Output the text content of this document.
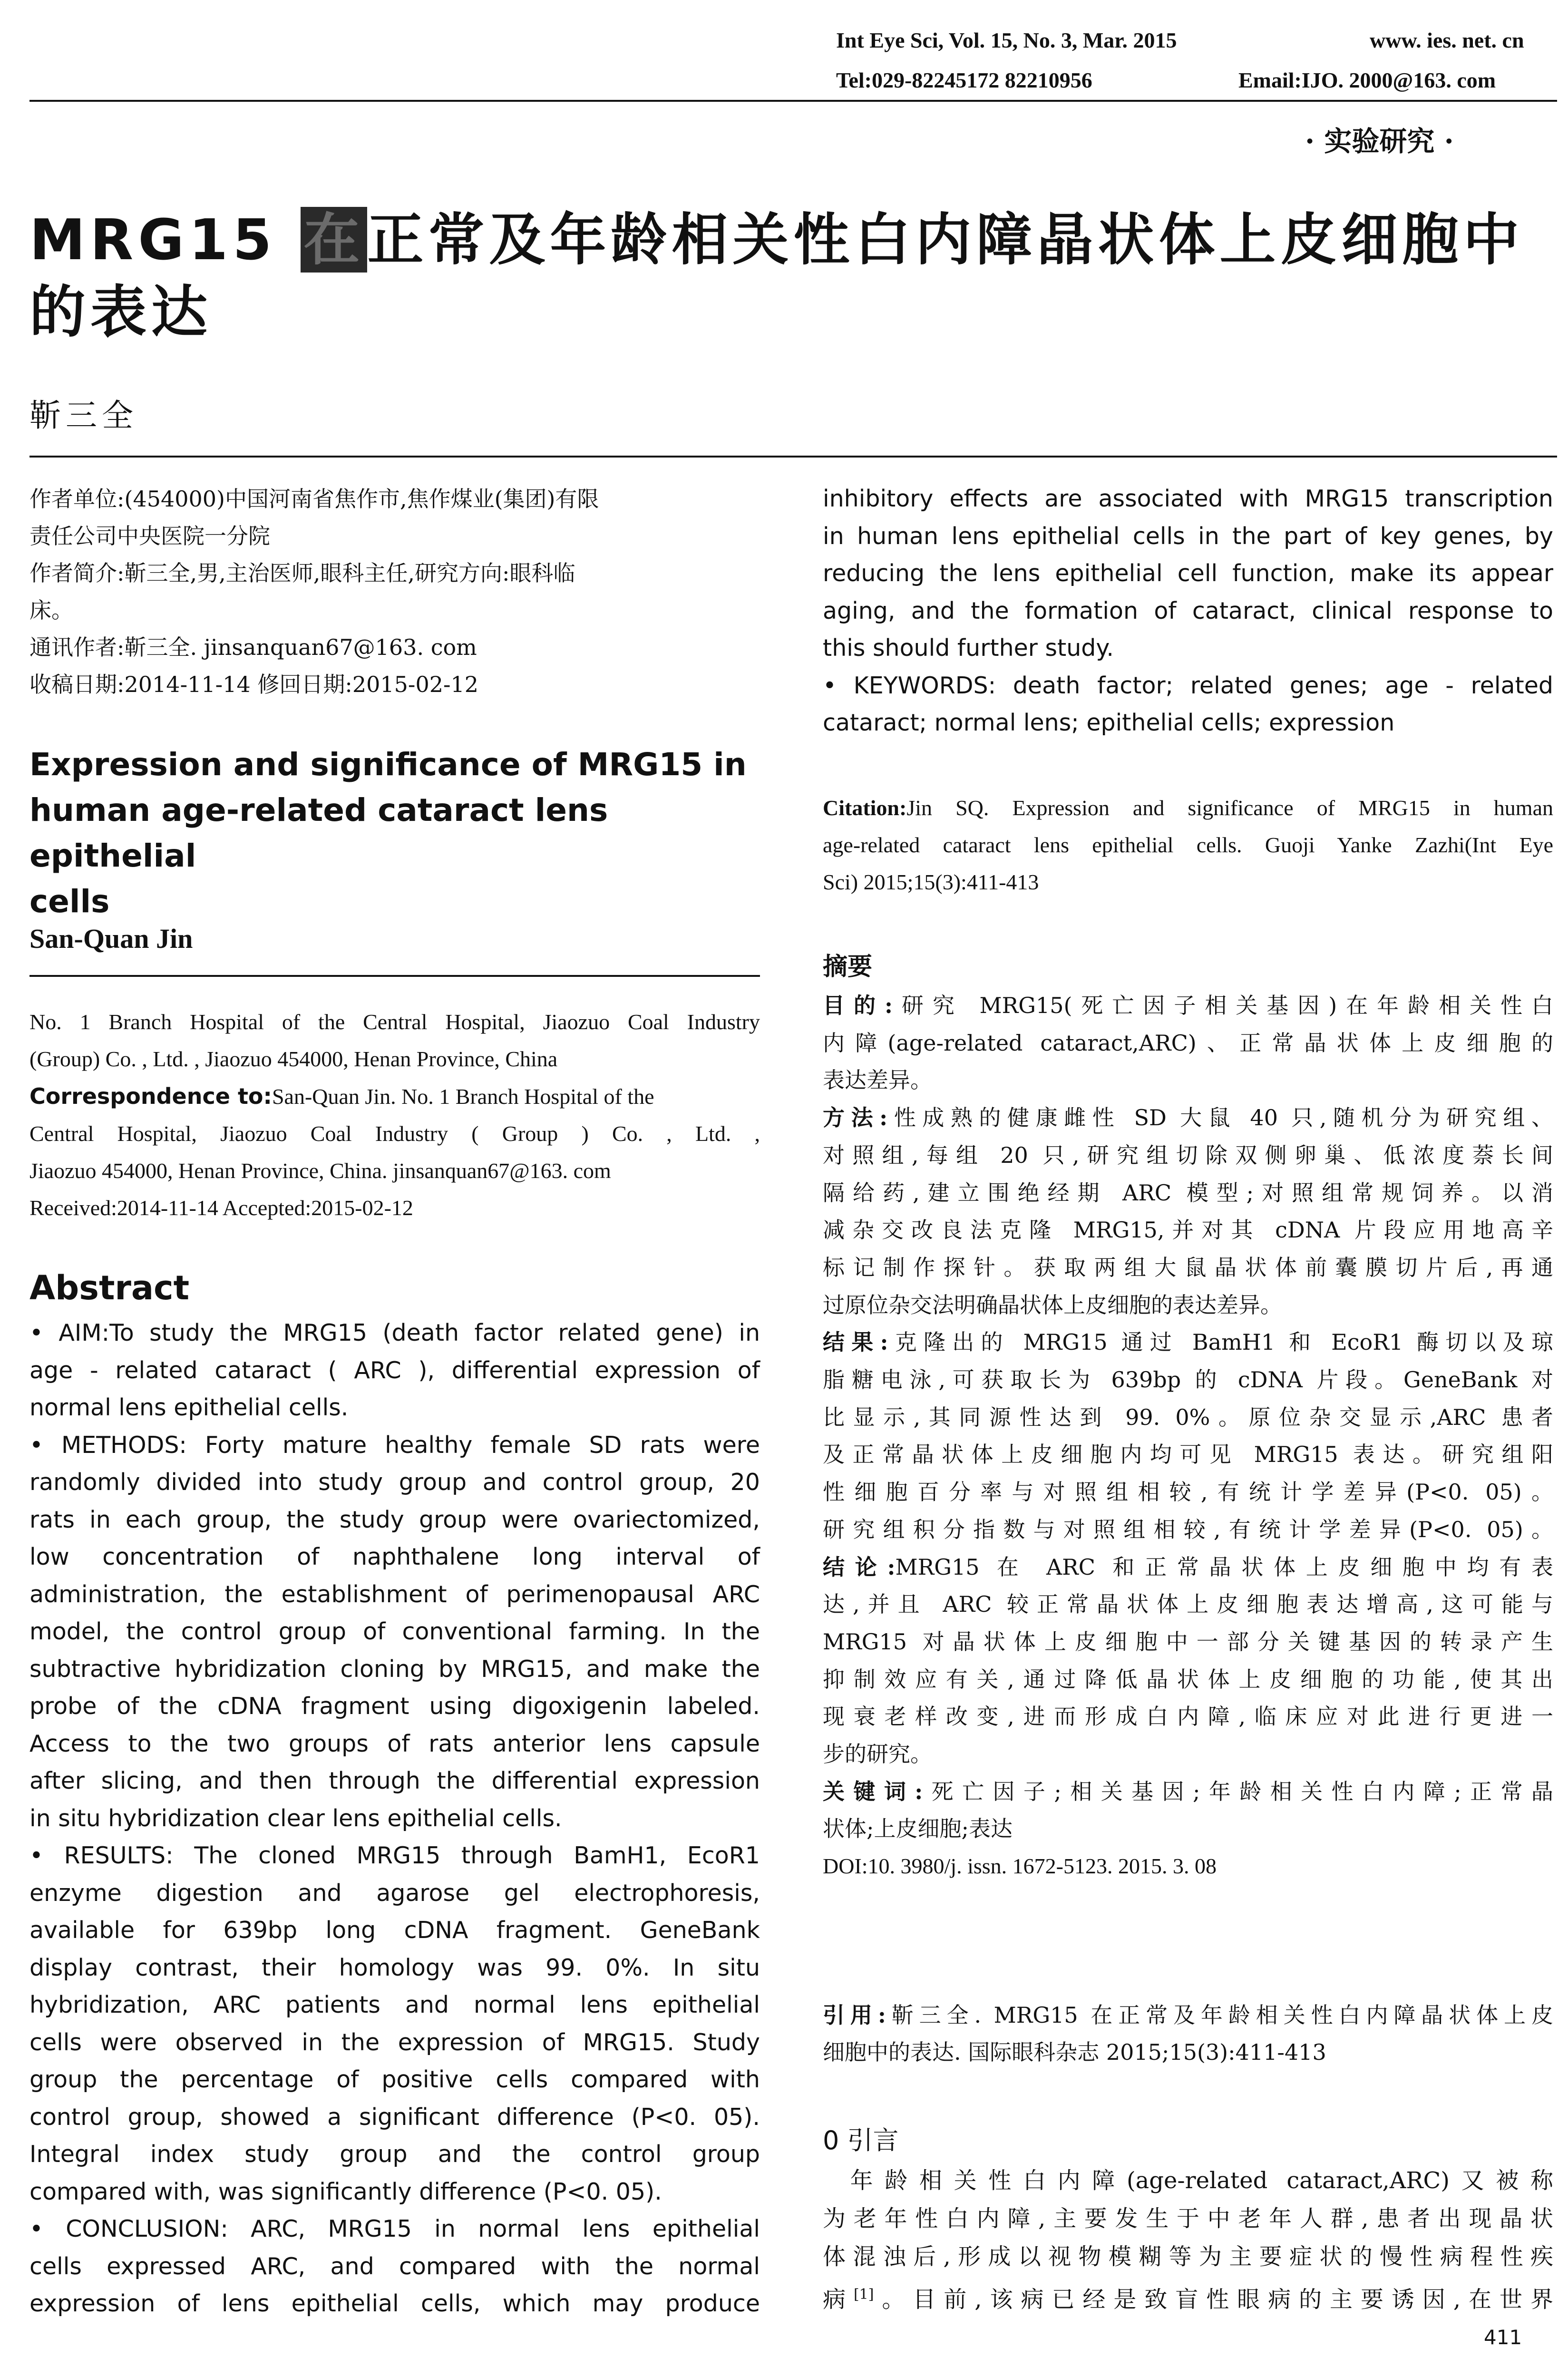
Int Eye Sci, Vol. 15, No. 3, Mar. 2015	www. ies. net. cn
Tel:029-82245172 82210956	Email:IJO. 2000@163. com
· 实验研究 ·
MRG15 在正常及年龄相关性白内障晶状体上皮细胞中
的表达
靳三全

作者单位:(454000)中国河南省焦作市,焦作煤业(集团)有限

责任公司中央医院一分院

作者简介:靳三全,男,主治医师,眼科主任,研究方向:眼科临

床。

通讯作者:靳三全. jinsanquan67@163. com

收稿日期:2014-11-14 修回日期:2015-02-12

Expression and significance of MRG15 in

human age-related cataract lens epithelial

cells

San-Quan Jin

No. 1 Branch Hospital of the Central Hospital, Jiaozuo Coal Industry

(Group) Co. , Ltd. , Jiaozuo 454000, Henan Province, China

Correspondence to:San-Quan Jin. No. 1 Branch Hospital of the

Central Hospital, Jiaozuo Coal Industry ( Group ) Co. , Ltd. ,

Jiaozuo 454000, Henan Province, China. jinsanquan67@163. com

Received:2014-11-14 Accepted:2015-02-12

Abstract

• AIM:To study the MRG15 (death factor related gene) in

age - related cataract ( ARC ), differential expression of

normal lens epithelial cells.

• METHODS: Forty mature healthy female SD rats were

randomly divided into study group and control group, 20

rats in each group, the study group were ovariectomized,

low concentration of naphthalene long interval of

administration, the establishment of perimenopausal ARC

model, the control group of conventional farming. In the

subtractive hybridization cloning by MRG15, and make the

probe of the cDNA fragment using digoxigenin labeled.

Access to the two groups of rats anterior lens capsule

after slicing, and then through the differential expression

in situ hybridization clear lens epithelial cells.

• RESULTS: The cloned MRG15 through BamH1, EcoR1

enzyme digestion and agarose gel electrophoresis,

available for 639bp long cDNA fragment. GeneBank

display contrast, their homology was 99. 0%. In situ

hybridization, ARC patients and normal lens epithelial

cells were observed in the expression of MRG15. Study

group the percentage of positive cells compared with

control group, showed a significant difference (P<0. 05).

Integral index study group and the control group

compared with, was significantly difference (P<0. 05).

• CONCLUSION: ARC, MRG15 in normal lens epithelial

cells expressed ARC, and compared with the normal

expression of lens epithelial cells, which may produce

inhibitory effects are associated with MRG15 transcription

in human lens epithelial cells in the part of key genes, by

reducing the lens epithelial cell function, make its appear

aging, and the formation of cataract, clinical response to

this should further study.

• KEYWORDS: death factor; related genes; age - related

cataract; normal lens; epithelial cells; expression

Citation:Jin SQ. Expression and significance of MRG15 in human

age-related cataract lens epithelial cells. Guoji Yanke Zazhi(Int Eye

Sci) 2015;15(3):411-413

摘要

目的:研究 MRG15(死亡因子相关基因)在年龄相关性白

内障(age-related cataract,ARC)、正常晶状体上皮细胞的

表达差异。

方法:性成熟的健康雌性 SD 大鼠 40 只,随机分为研究组、

对照组,每组 20 只,研究组切除双侧卵巢、低浓度萘长间

隔给药,建立围绝经期 ARC 模型;对照组常规饲养。以消

减杂交改良法克隆 MRG15,并对其 cDNA 片段应用地高辛

标记制作探针。获取两组大鼠晶状体前囊膜切片后,再通

过原位杂交法明确晶状体上皮细胞的表达差异。

结果:克隆出的 MRG15 通过 BamH1 和 EcoR1 酶切以及琼

脂糖电泳,可获取长为 639bp 的 cDNA 片段。GeneBank 对

比显示,其同源性达到 99. 0%。原位杂交显示,ARC 患者

及正常晶状体上皮细胞内均可见 MRG15 表达。研究组阳

性细胞百分率与对照组相较,有统计学差异(P<0. 05)。

研究组积分指数与对照组相较,有统计学差异(P<0. 05)。

结论:MRG15 在 ARC 和正常晶状体上皮细胞中均有表

达,并且 ARC 较正常晶状体上皮细胞表达增高,这可能与

MRG15 对晶状体上皮细胞中一部分关键基因的转录产生

抑制效应有关,通过降低晶状体上皮细胞的功能,使其出

现衰老样改变,进而形成白内障,临床应对此进行更进一

步的研究。

关键词:死亡因子;相关基因;年龄相关性白内障;正常晶

状体;上皮细胞;表达

DOI:10. 3980/j. issn. 1672-5123. 2015. 3. 08

引用:靳三全. MRG15 在正常及年龄相关性白内障晶状体上皮

细胞中的表达. 国际眼科杂志 2015;15(3):411-413

0 引言

年龄相关性白内障(age-related cataract,ARC)又被称

为老年性白内障,主要发生于中老年人群,患者出现晶状

体混浊后,形成以视物模糊等为主要症状的慢性病程性疾

病[1]。目前,该病已经是致盲性眼病的主要诱因,在世界

411
